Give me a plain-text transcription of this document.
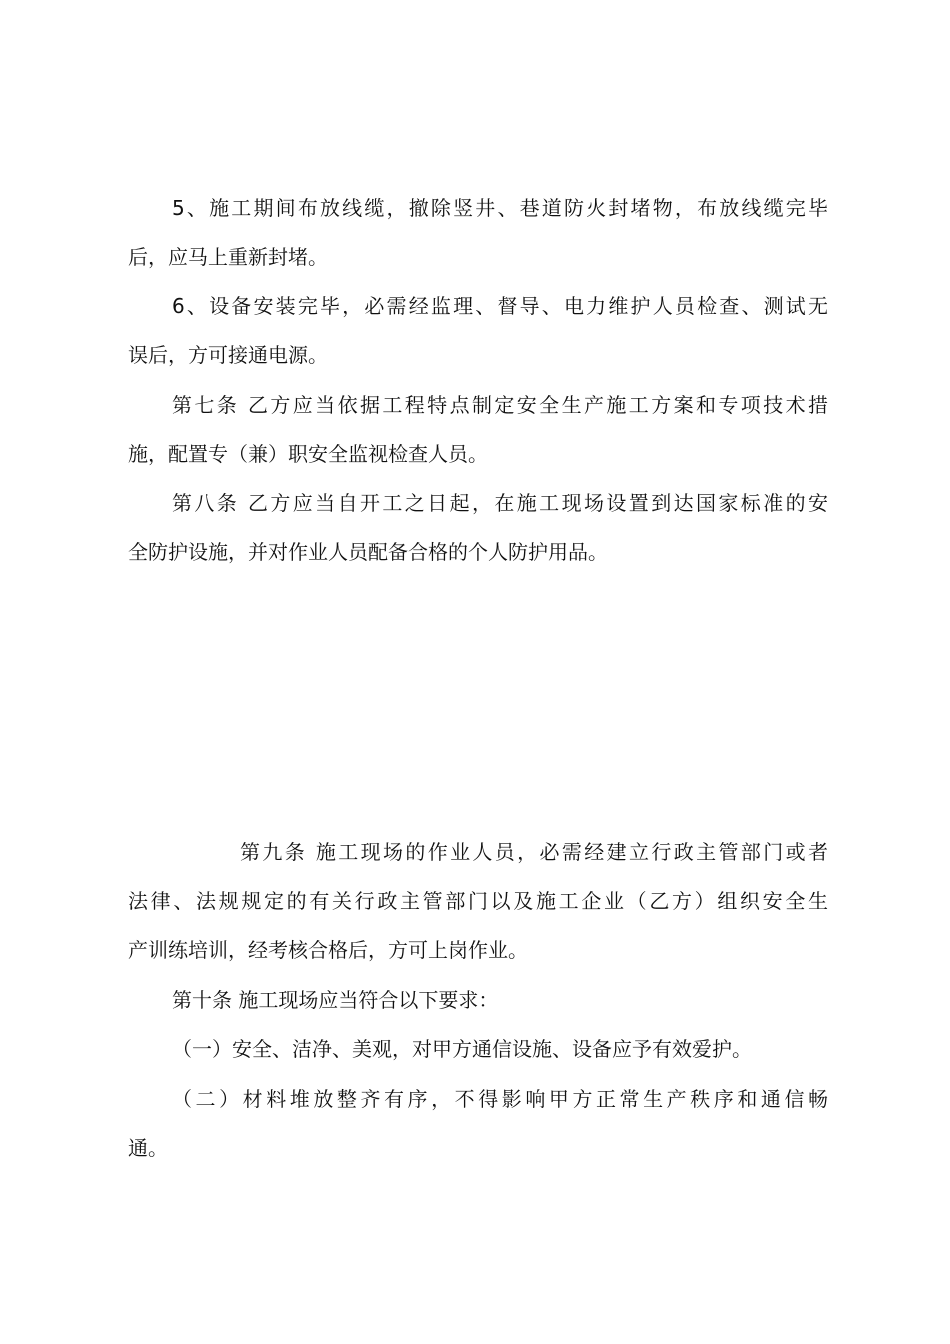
5、施工期间布放线缆，撤除竖井、巷道防火封堵物，布放线缆完毕
后，应马上重新封堵。
6、设备安装完毕，必需经监理、督导、电力维护人员检查、测试无
误后，方可接通电源。
第七条 乙方应当依据工程特点制定安全生产施工方案和专项技术措
施，配置专（兼）职安全监视检查人员。
第八条 乙方应当自开工之日起，在施工现场设置到达国家标准的安
全防护设施，并对作业人员配备合格的个人防护用品。
第九条 施工现场的作业人员，必需经建立行政主管部门或者
法律、法规规定的有关行政主管部门以及施工企业（乙方）组织安全生
产训练培训，经考核合格后，方可上岗作业。
第十条 施工现场应当符合以下要求：
（一）安全、洁净、美观，对甲方通信设施、设备应予有效爱护。
（二）材料堆放整齐有序，不得影响甲方正常生产秩序和通信畅
通。
